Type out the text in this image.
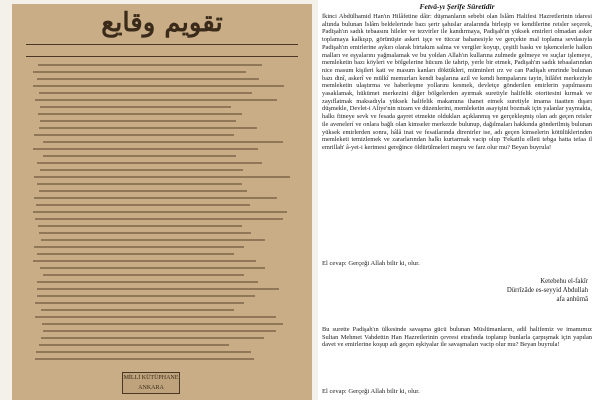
تقويم وقايع
MİLLİ KÜTÜPHANE
ANKARA
Fetvâ-yı Şerîfe Sûretidir
İkinci Abdülhamid Han'ın Hilâfetine dâir: düşmanların sebebi olan İslâm Halifesi Hazretlerinin idaresi altında bulunan İslâm beldelerinde bazı şerir şahıslar aralarında birleşip ve kendilerine reisler seçerek, Padişah'ın sadık tebaasını hileler ve tezvirler ile kandırmaya, Padişah'ın yüksek emirleri olmadan asker toplamaya kalkışıp, görünüşte askeri işçe ve tüccar bahanesiyle ve gerçekte mal toplama sevdasıyla Padişah'ın emirlerine aykırı olarak birtakım salma ve vergiler koyup, çeşitli baskı ve işkencelerle halkın malları ve eşyalarını yağmalamak ve bu yoldan Allah'ın kullarına zulmede gelmeye ve suçlar işlemeye, memleketin bazı köyleri ve bölgelerine hücum ile tahrip, yerle bir etmek, Padişah'ın sadık tebaalarından nice masum kişileri kati ve masum kanları döktükleri, müminleri ırz ve can Padişah emrinde bulunan bazı dinî, askerî ve mülkî memurları kendi başlarına azil ve kendi hempalarını tayin, hilâfet merkeziyle memleketin ulaştırma ve haberleşme yollarını kesmek, devletçe gönderilen emirlerin yapılmasını yasaklamak, hükümet merkezini diğer bölgelerden ayırmak suretiyle halifelik otoritesini kırmak ve zayıflatmak maksadıyla yüksek halifelik makamına ihanet etmek suretiyle imama itaatten dışarı düşmekle, Devlet-i Aliye'nin nizam ve düzenlerini, memleketin asayişini bozmak için yalanlar yaymakta, halkı fitneye sevk ve fesada gayret etmekte oldukları açıklanmış ve gerçekleşmiş olan adı geçen reisler ile avenelerí ve onlara bağlı olan kimseler merkezde bulunup, dağılmaları hakkında gönderilmiş bulunan yüksek emirlerden sonra, hâlâ inat ve fesatlarında direnirler ise, adı geçen kimselerin kötülüklerinden memleketi temizlemek ve zararlarından halkı kurtarmak vacip olup 'Fekatilu elleti tebga hatta tefaa il emrillah' â-yet-i kerimesi gereğince öldürülmeleri meşru ve farz olur mu? Beyan buyrula!
El cevap: Gerçeği Allah bilir ki, olur.
Ketebehu el-fakîr
Dürrîzâde es-seyyid Abdullah
afa anhümâ
Bu surette Padişah'ın ülkesinde savaşma gücü bulunan Müslümanların, adil halifemiz ve imamımız Sultan Mehmet Vahdettin Han Hazretlerinin çevresi etrafında toplanıp bunlarla çarpışmak için yapılan davet ve emirlerine koşup adı geçen eşkiyalar ile savaşmaları vacip olur mu? Beyan buyrula!
El cevap: Gerçeği Allah bilir ki, olur.
